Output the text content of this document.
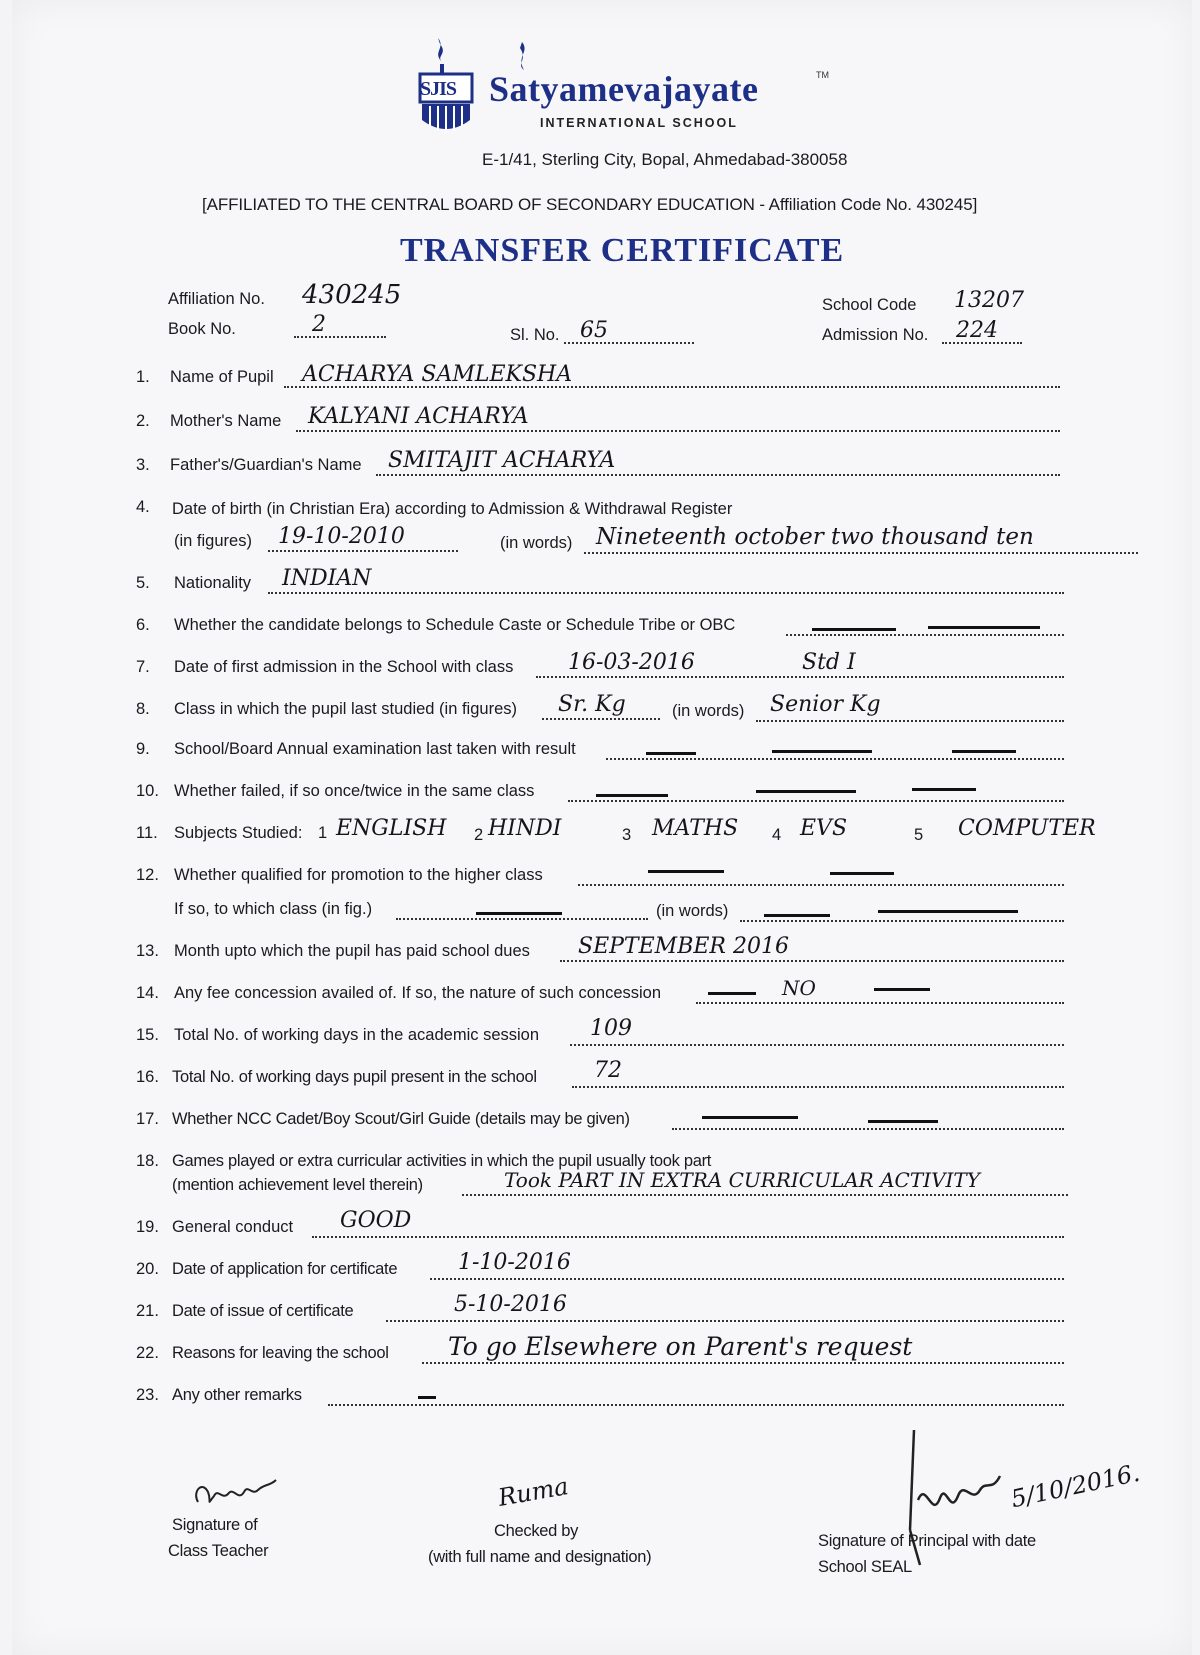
SJIS Satyamevajayate	TM
INTERNATIONAL SCHOOL
E-1/41, Sterling City, Bopal, Ahmedabad-380058
[AFFILIATED TO THE CENTRAL BOARD OF SECONDARY EDUCATION - Affiliation Code No. 430245]
TRANSFER CERTIFICATE
Affiliation No. 430245
Book No.	2	Sl. No. 65
School Code 13207
Admission No. 224
1. Name of Pupil ACHARYA SAMLEKSHA
2. Mother's Name KALYANI ACHARYA
3. Father's/Guardian's Name SMITAJIT ACHARYA
4. Date of birth (in Christian Era) according to Admission & Withdrawal Register
(in figures) 19-10-2010	(in words) Nineteenth october two thousand ten
5. Nationality INDIAN
6. Whether the candidate belongs to Schedule Caste or Schedule Tribe or OBC
7. Date of first admission in the School with class 16-03-2016	Std I
8. Class in which the pupil last studied (in figures) Sr. Kg	(in words) Senior Kg
9. School/Board Annual examination last taken with result
10. Whether failed, if so once/twice in the same class
11. Subjects Studied: 1 ENGLISH 2 HINDI	3 MATHS 4 EVS	5 COMPUTER
12. Whether qualified for promotion to the higher class
If so, to which class (in fig.)	(in words)
13. Month upto which the pupil has paid school dues SEPTEMBER 2016
14. Any fee concession availed of. If so, the nature of such concession	NO
15. Total No. of working days in the academic session 109
16. Total No. of working days pupil present in the school	72
17. Whether NCC Cadet/Boy Scout/Girl Guide (details may be given)
18. Games played or extra curricular activities in which the pupil usually took part
(mention achievement level therein)	Took PART IN EXTRA CURRICULAR ACTIVITY
19. General conduct GOOD
20. Date of application for certificate	1-10-2016
21. Date of issue of certificate	5-10-2016
22. Reasons for leaving the school To go Elsewhere on Parent's request
23. Any other remarks
Signature of
Class Teacher
Ruma
Checked by
(with full name and designation)
5/10/2016.
Signature of Principal with date
School SEAL
